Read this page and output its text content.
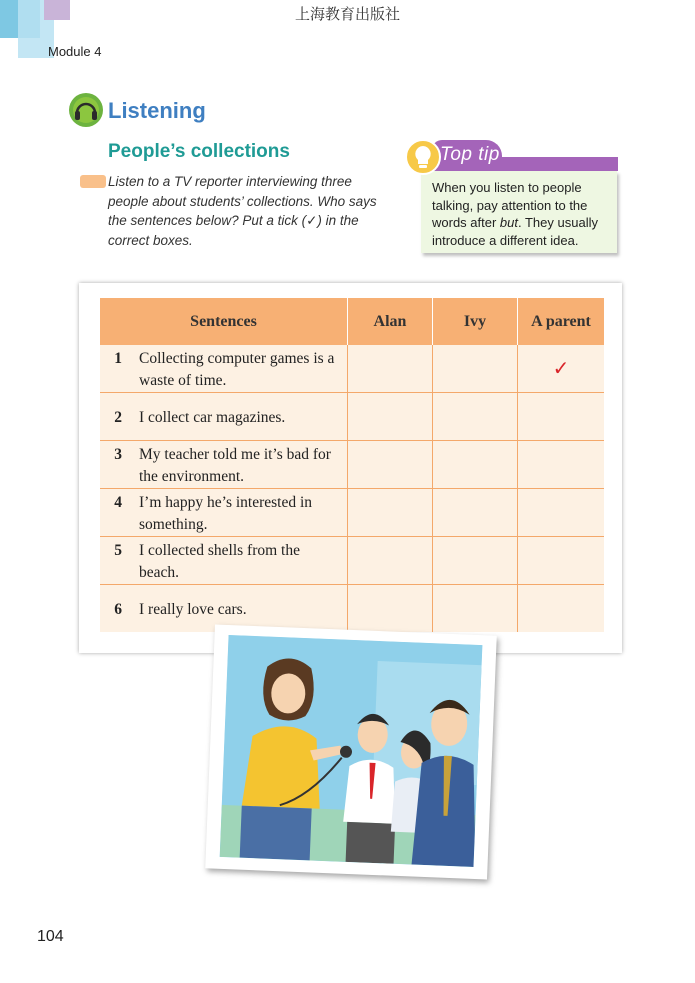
上海教育出版社
Module 4
Listening
People’s collections
Listen to a TV reporter interviewing three people about students’ collections. Who says the sentences below? Put a tick (✓) in the correct boxes.
Top tip
When you listen to people talking, pay attention to the words after but. They usually introduce a different idea.
Sentences	Alan	Ivy	A parent

1 Collecting computer games is a waste of time.			✓

2 I collect car magazines.			

3 My teacher told me it’s bad for the environment.			

4 I’m happy he’s interested in something.			

5 I collected shells from the beach.			

6 I really love cars.			

104
